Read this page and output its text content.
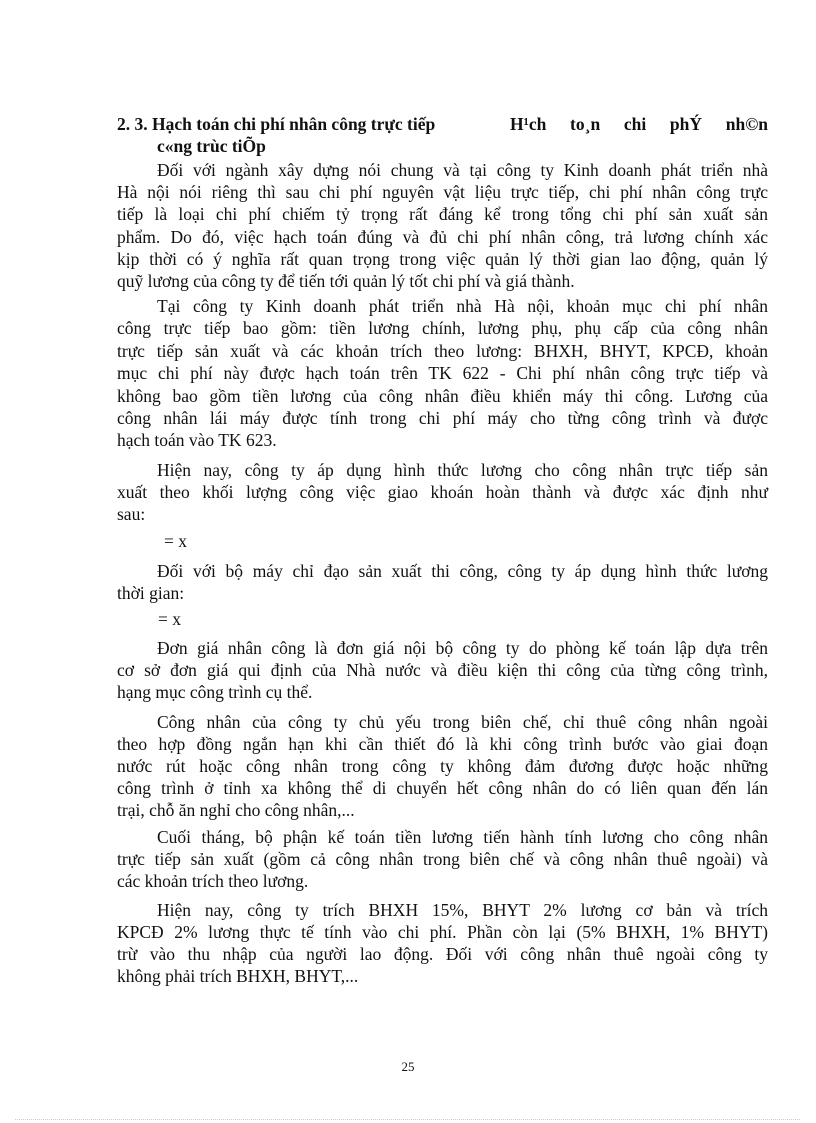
2. 3. Hạch toán chi phí nhân công trực tiếp	H¹ch to¸n chi phÝ nh©n
c«ng trùc tiÕp
= x
= x
25
Đối với ngành xây dựng nói chung và tại công ty Kinh doanh phát triển nhà
Hà nội nói riêng thì sau chi phí nguyên vật liệu trực tiếp, chi phí nhân công trực
tiếp là loại chi phí chiếm tỷ trọng rất đáng kể trong tổng chi phí sản xuất sản
phẩm. Do đó, việc hạch toán đúng và đủ chi phí nhân công, trả lương chính xác
kịp thời có ý nghĩa rất quan trọng trong việc quản lý thời gian lao động, quản lý
quỹ lương của công ty để tiến tới quản lý tốt chi phí và giá thành.
Tại công ty Kinh doanh phát triển nhà Hà nội, khoản mục chi phí nhân
công trực tiếp bao gồm: tiền lương chính, lương phụ, phụ cấp của công nhân
trực tiếp sản xuất và các khoản trích theo lương: BHXH, BHYT, KPCĐ, khoản
mục chi phí này được hạch toán trên TK 622 - Chi phí nhân công trực tiếp và
không bao gồm tiền lương của công nhân điều khiển máy thi công. Lương của
công nhân lái máy được tính trong chi phí máy cho từng công trình và được
hạch toán vào TK 623.
Hiện nay, công ty áp dụng hình thức lương cho công nhân trực tiếp sản
xuất theo khối lượng công việc giao khoán hoàn thành và được xác định như
sau:
Đối với bộ máy chỉ đạo sản xuất thi công, công ty áp dụng hình thức lương
thời gian:
Đơn giá nhân công là đơn giá nội bộ công ty do phòng kế toán lập dựa trên
cơ sở đơn giá qui định của Nhà nước và điều kiện thi công của từng công trình,
hạng mục công trình cụ thể.
Công nhân của công ty chủ yếu trong biên chế, chỉ thuê công nhân ngoài
theo hợp đồng ngắn hạn khi cần thiết đó là khi công trình bước vào giai đoạn
nước rút hoặc công nhân trong công ty không đảm đương được hoặc những
công trình ở tỉnh xa không thể di chuyển hết công nhân do có liên quan đến lán
trại, chỗ ăn nghỉ cho công nhân,...
Cuối tháng, bộ phận kế toán tiền lương tiến hành tính lương cho công nhân
trực tiếp sản xuất (gồm cả công nhân trong biên chế và công nhân thuê ngoài) và
các khoản trích theo lương.
Hiện nay, công ty trích BHXH 15%, BHYT 2% lương cơ bản và trích
KPCĐ 2% lương thực tế tính vào chi phí. Phần còn lại (5% BHXH, 1% BHYT)
trừ vào thu nhập của người lao động. Đối với công nhân thuê ngoài công ty
không phải trích BHXH, BHYT,...
